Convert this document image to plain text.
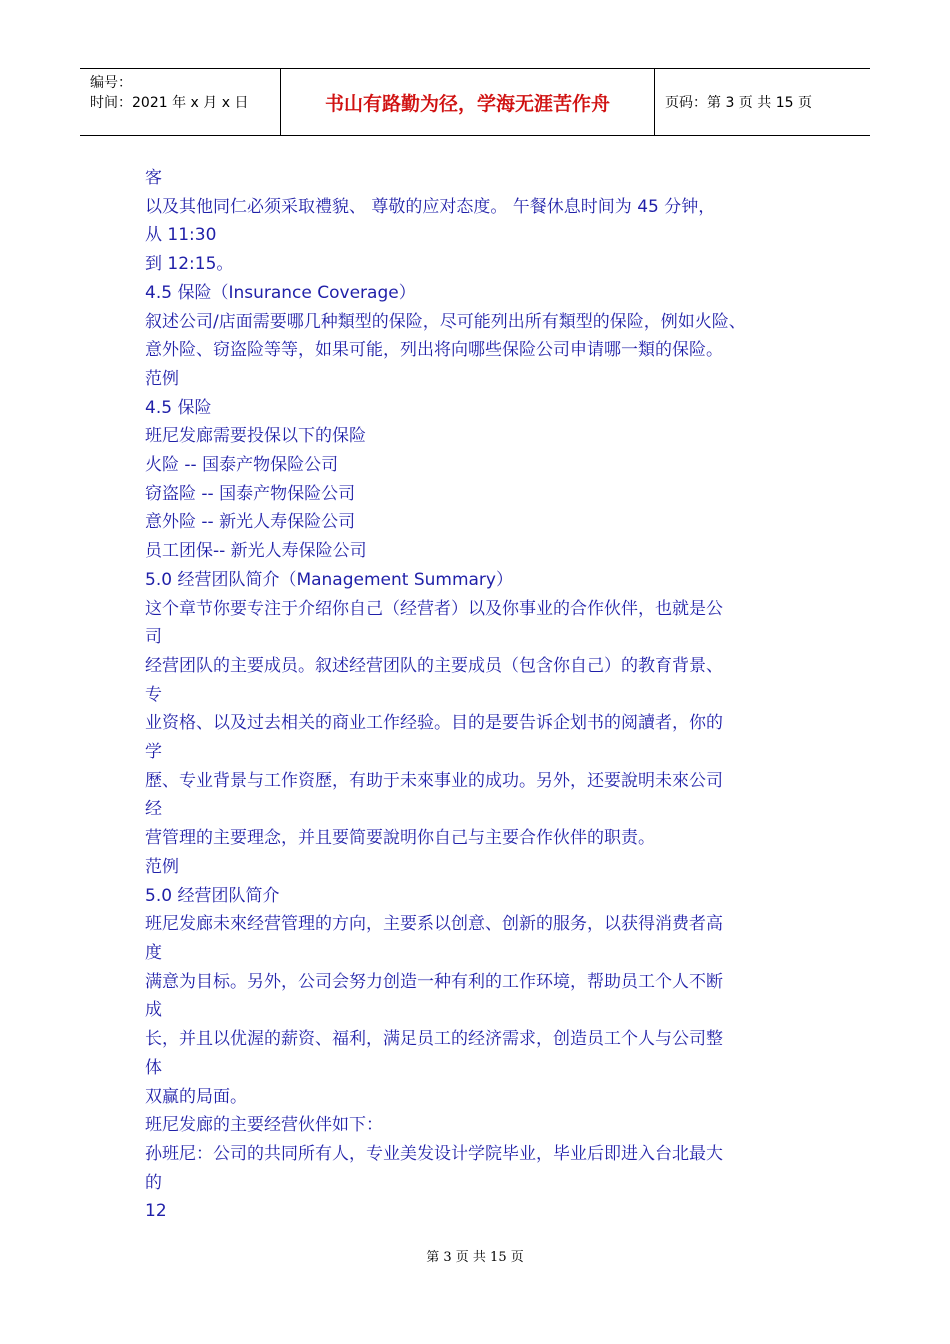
编号：
时间：2021 年 x 月 x 日	书山有路勤为径，学海无涯苦作舟	页码：第 3 页 共 15 页
客
以及其他同仁必须采取禮貌、 尊敬的应对态度。 午餐休息时间为 45 分钟，
从 11:30
到 12:15。
4.5 保险（Insurance Coverage）
叙述公司/店面需要哪几种類型的保险，尽可能列出所有類型的保险，例如火险、
意外险、窃盗险等等，如果可能，列出将向哪些保险公司申请哪一類的保险。
范例
4.5 保险
班尼发廊需要投保以下的保险
火险 -- 国泰产物保险公司
窃盗险 -- 国泰产物保险公司
意外险 -- 新光人寿保险公司
员工团保-- 新光人寿保险公司
5.0 经营团队简介（Management Summary）
这个章节你要专注于介绍你自己（经营者）以及你事业的合作伙伴，也就是公
司
经营团队的主要成员。叙述经营团队的主要成员（包含你自己）的教育背景、
专
业资格、以及过去相关的商业工作经验。目的是要告诉企划书的阅讀者，你的
学
歷、专业背景与工作资歷，有助于未來事业的成功。另外，还要說明未來公司
经
营管理的主要理念，并且要简要說明你自己与主要合作伙伴的职责。
范例
5.0 经营团队简介
班尼发廊未來经营管理的方向，主要系以创意、创新的服务，以获得消费者高
度
满意为目标。另外，公司会努力创造一种有利的工作环境，帮助员工个人不断
成
长，并且以优渥的薪资、福利，满足员工的经济需求，创造员工个人与公司整
体
双赢的局面。
班尼发廊的主要经营伙伴如下：
孙班尼：公司的共同所有人，专业美发设计学院毕业，毕业后即进入台北最大
的
12
第 3 页 共 15 页
